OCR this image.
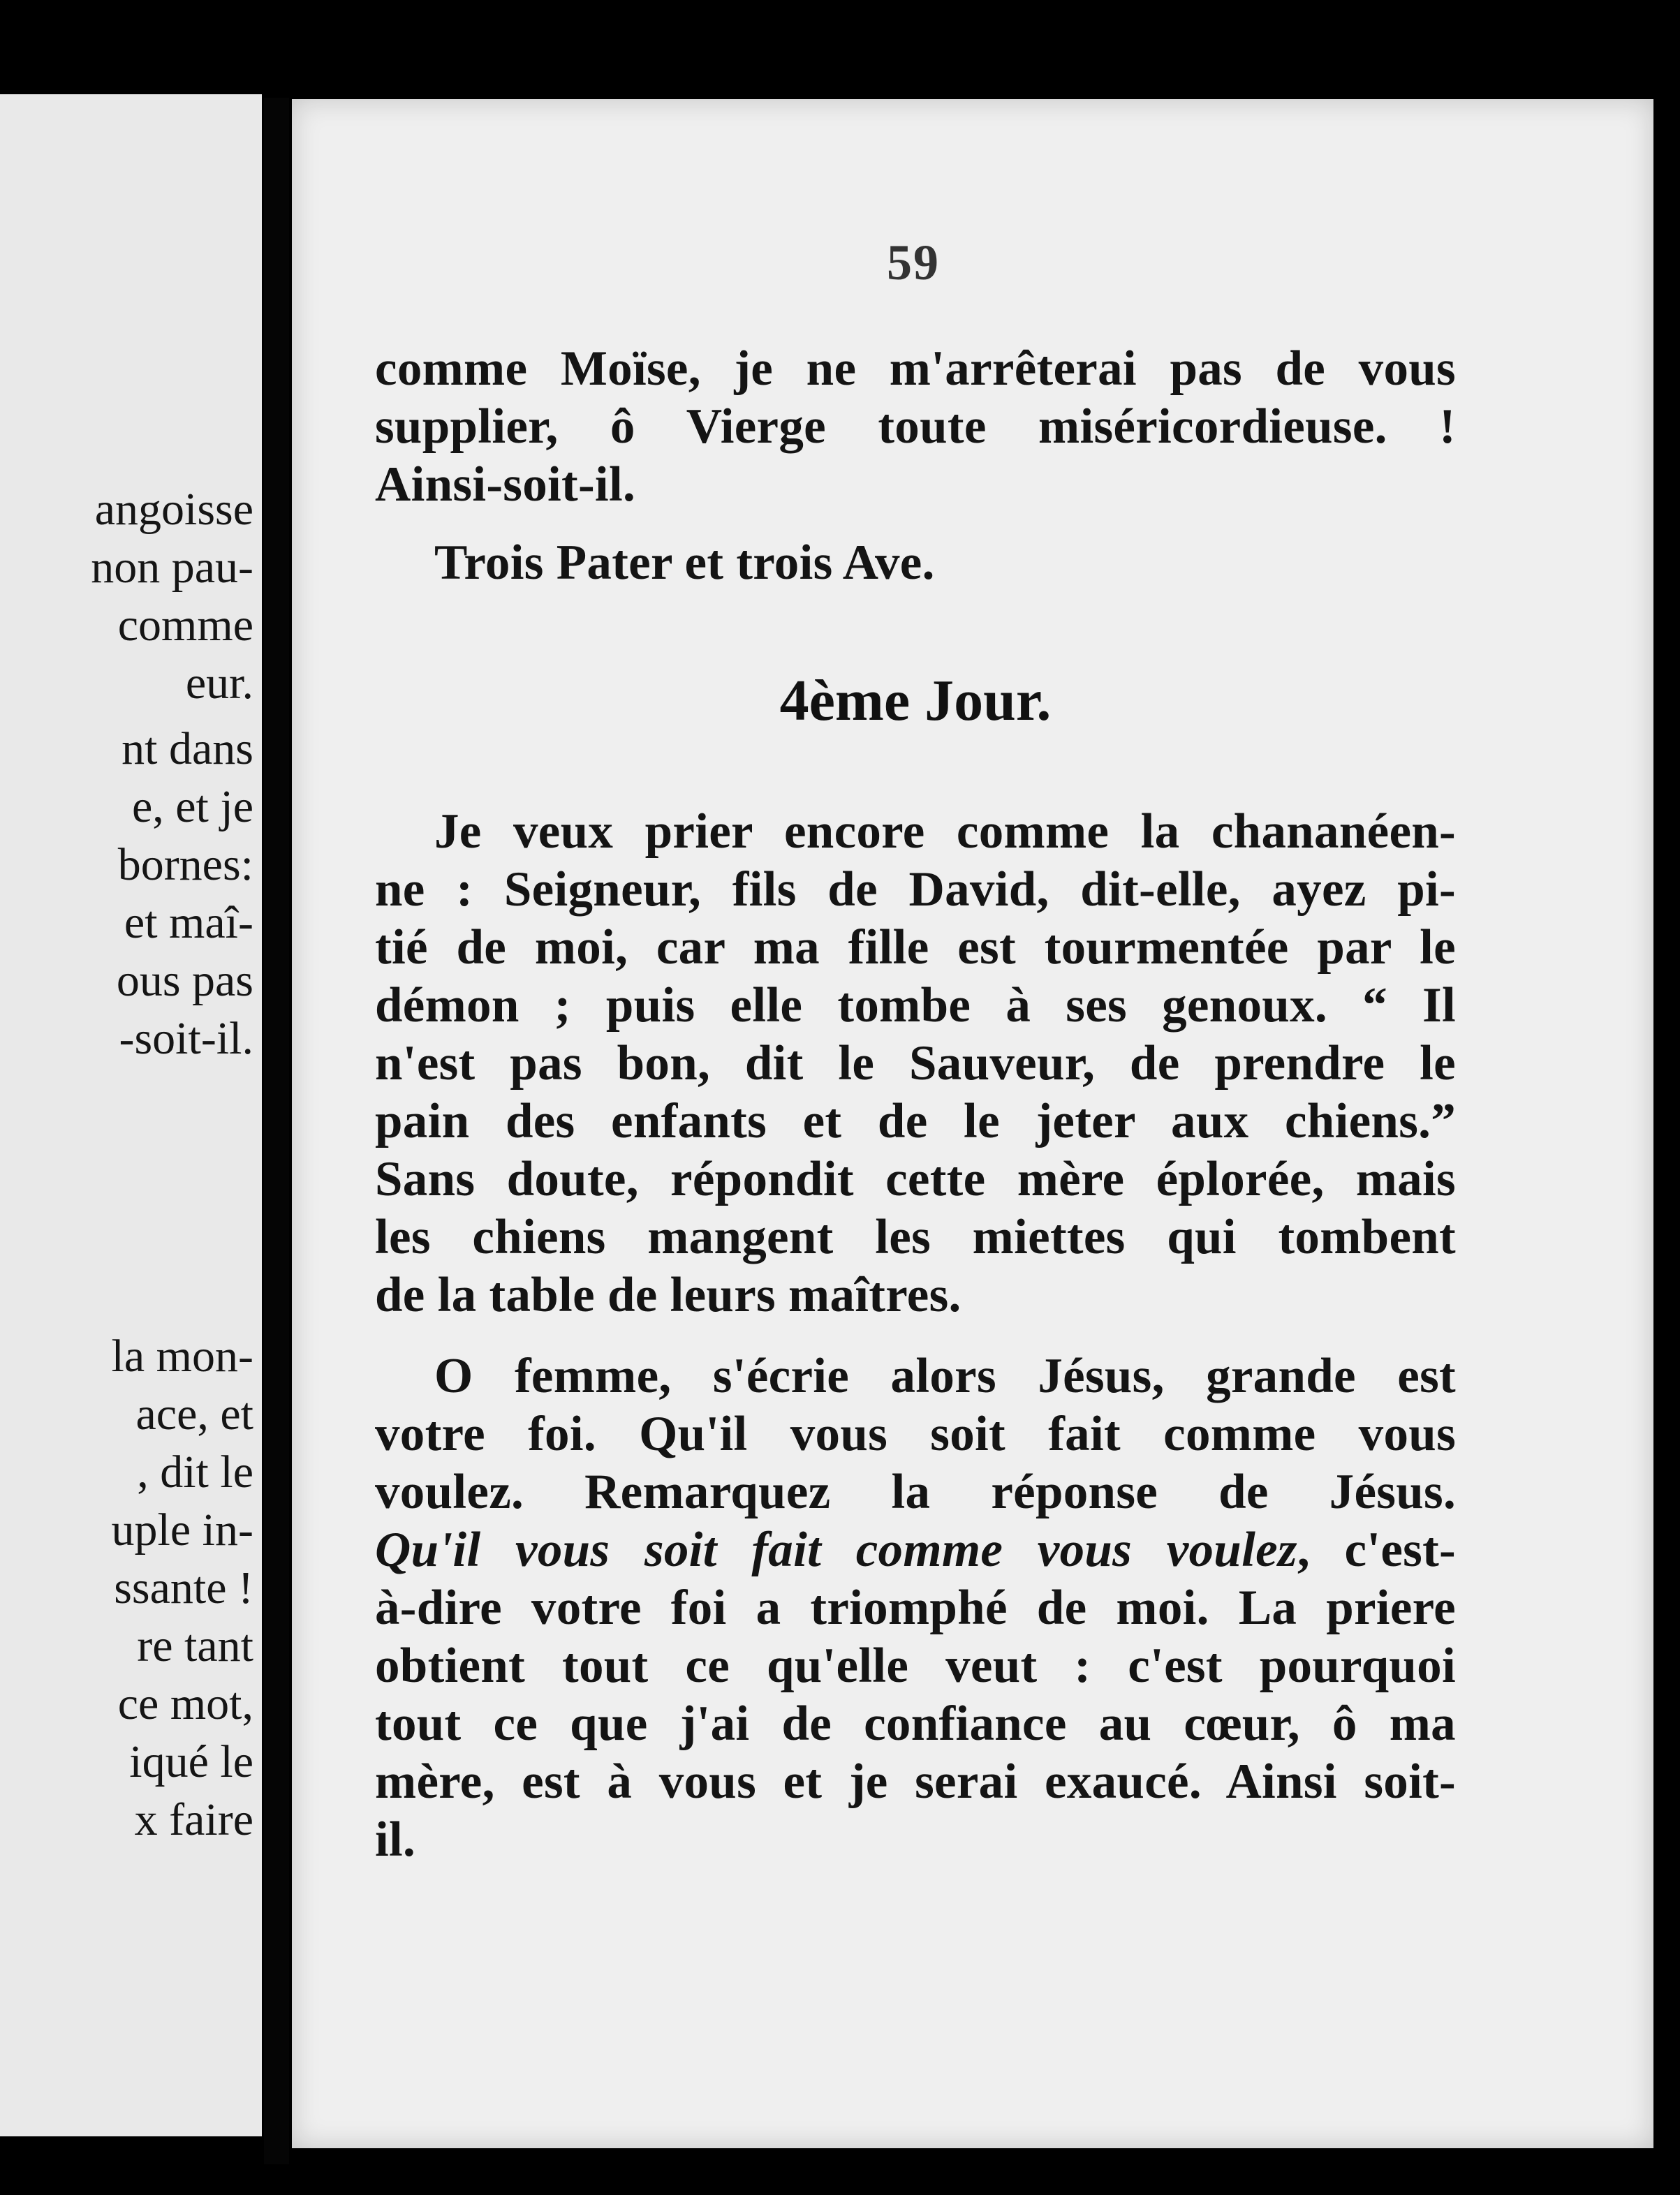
angoisse
non pau-
comme
eur.
nt dans
e, et je
bornes:
et maî-
ous pas
-soit-il.
la mon-
ace, et
, dit le
uple in-
ssante !
re tant
ce mot,
iqué le
x faire
59
comme Moïse, je ne m'arrêterai pas de vous
supplier, ô Vierge toute miséricordieuse. !
Ainsi-soit-il.
Trois Pater et trois Ave.
4ème Jour.
Je veux prier encore comme la chananéen-
ne : Seigneur, fils de David, dit-elle, ayez pi-
tié de moi, car ma fille est tourmentée par le
démon ; puis elle tombe à ses genoux. “ Il
n'est pas bon, dit le Sauveur, de prendre le
pain des enfants et de le jeter aux chiens.”
Sans doute, répondit cette mère éplorée, mais
les chiens mangent les miettes qui tombent
de la table de leurs maîtres.
O femme, s'écrie alors Jésus, grande est
votre foi. Qu'il vous soit fait comme vous
voulez. Remarquez la réponse de Jésus.
Qu'il vous soit fait comme vous voulez, c'est-
à-dire votre foi a triomphé de moi. La priere
obtient tout ce qu'elle veut : c'est pourquoi
tout ce que j'ai de confiance au cœur, ô ma
mère, est à vous et je serai exaucé. Ainsi soit-
il.
